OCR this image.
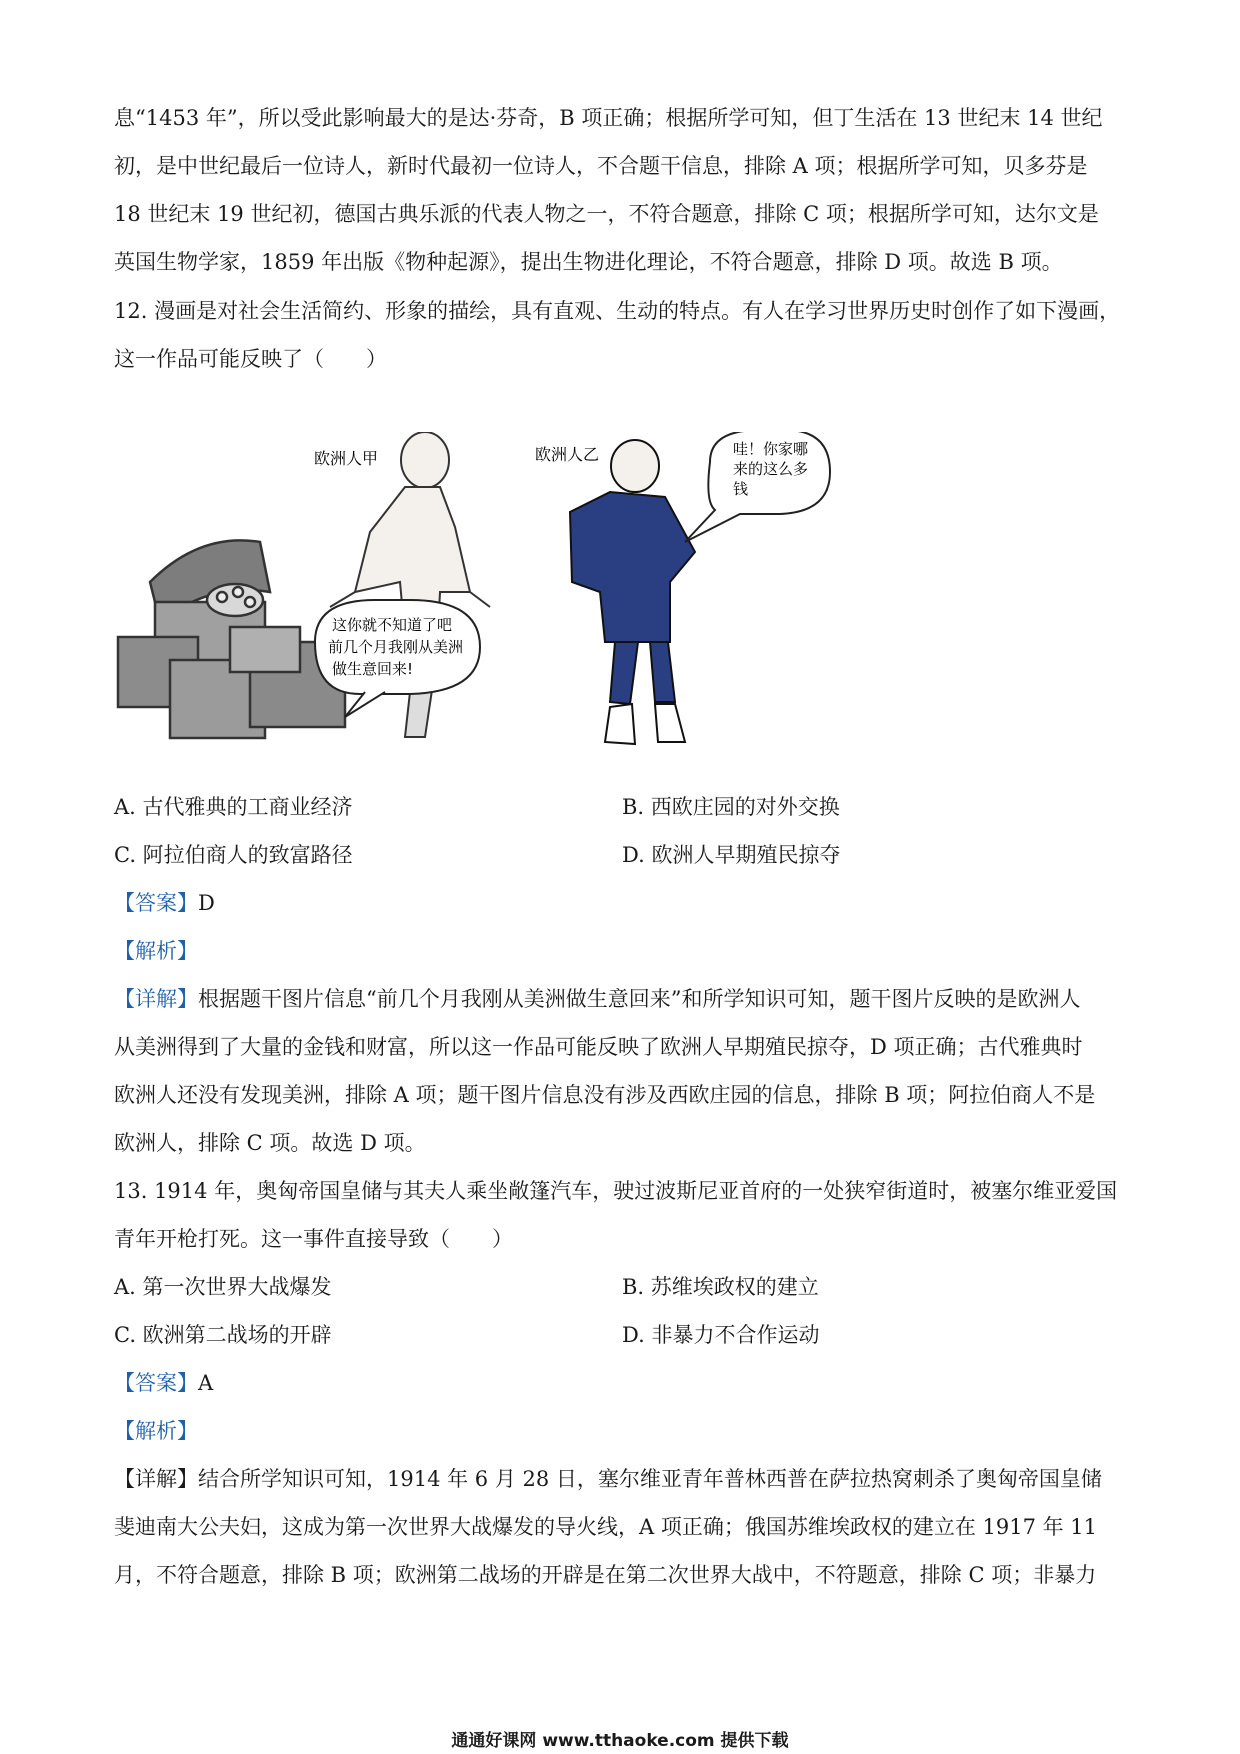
息“1453 年”，所以受此影响最大的是达·芬奇，B 项正确；根据所学可知，但丁生活在 13 世纪末 14 世纪
初，是中世纪最后一位诗人，新时代最初一位诗人，不合题干信息，排除 A 项；根据所学可知，贝多芬是
18 世纪末 19 世纪初，德国古典乐派的代表人物之一，不符合题意，排除 C 项；根据所学可知，达尔文是
英国生物学家，1859 年出版《物种起源》，提出生物进化理论，不符合题意，排除 D 项。故选 B 项。
12. 漫画是对社会生活简约、形象的描绘，具有直观、生动的特点。有人在学习世界历史时创作了如下漫画，
这一作品可能反映了（　　）
欧洲人甲	欧洲人乙	哇！你家哪
来的这么多
钱
这你就不知道了吧
前几个月我刚从美洲
做生意回来!
A. 古代雅典的工商业经济	B. 西欧庄园的对外交换
C. 阿拉伯商人的致富路径	D. 欧洲人早期殖民掠夺
【答案】D
【解析】
【详解】根据题干图片信息“前几个月我刚从美洲做生意回来”和所学知识可知，题干图片反映的是欧洲人
从美洲得到了大量的金钱和财富，所以这一作品可能反映了欧洲人早期殖民掠夺，D 项正确；古代雅典时
欧洲人还没有发现美洲，排除 A 项；题干图片信息没有涉及西欧庄园的信息，排除 B 项；阿拉伯商人不是
欧洲人，排除 C 项。故选 D 项。
13. 1914 年，奥匈帝国皇储与其夫人乘坐敞篷汽车，驶过波斯尼亚首府的一处狭窄街道时，被塞尔维亚爱国
青年开枪打死。这一事件直接导致（　　）
A. 第一次世界大战爆发	B. 苏维埃政权的建立
C. 欧洲第二战场的开辟	D. 非暴力不合作运动
【答案】A
【解析】
【详解】结合所学知识可知，1914 年 6 月 28 日，塞尔维亚青年普林西普在萨拉热窝刺杀了奥匈帝国皇储
斐迪南大公夫妇，这成为第一次世界大战爆发的导火线，A 项正确；俄国苏维埃政权的建立在 1917 年 11
月，不符合题意，排除 B 项；欧洲第二战场的开辟是在第二次世界大战中，不符题意，排除 C 项；非暴力
通通好课网 www.tthaoke.com 提供下载
